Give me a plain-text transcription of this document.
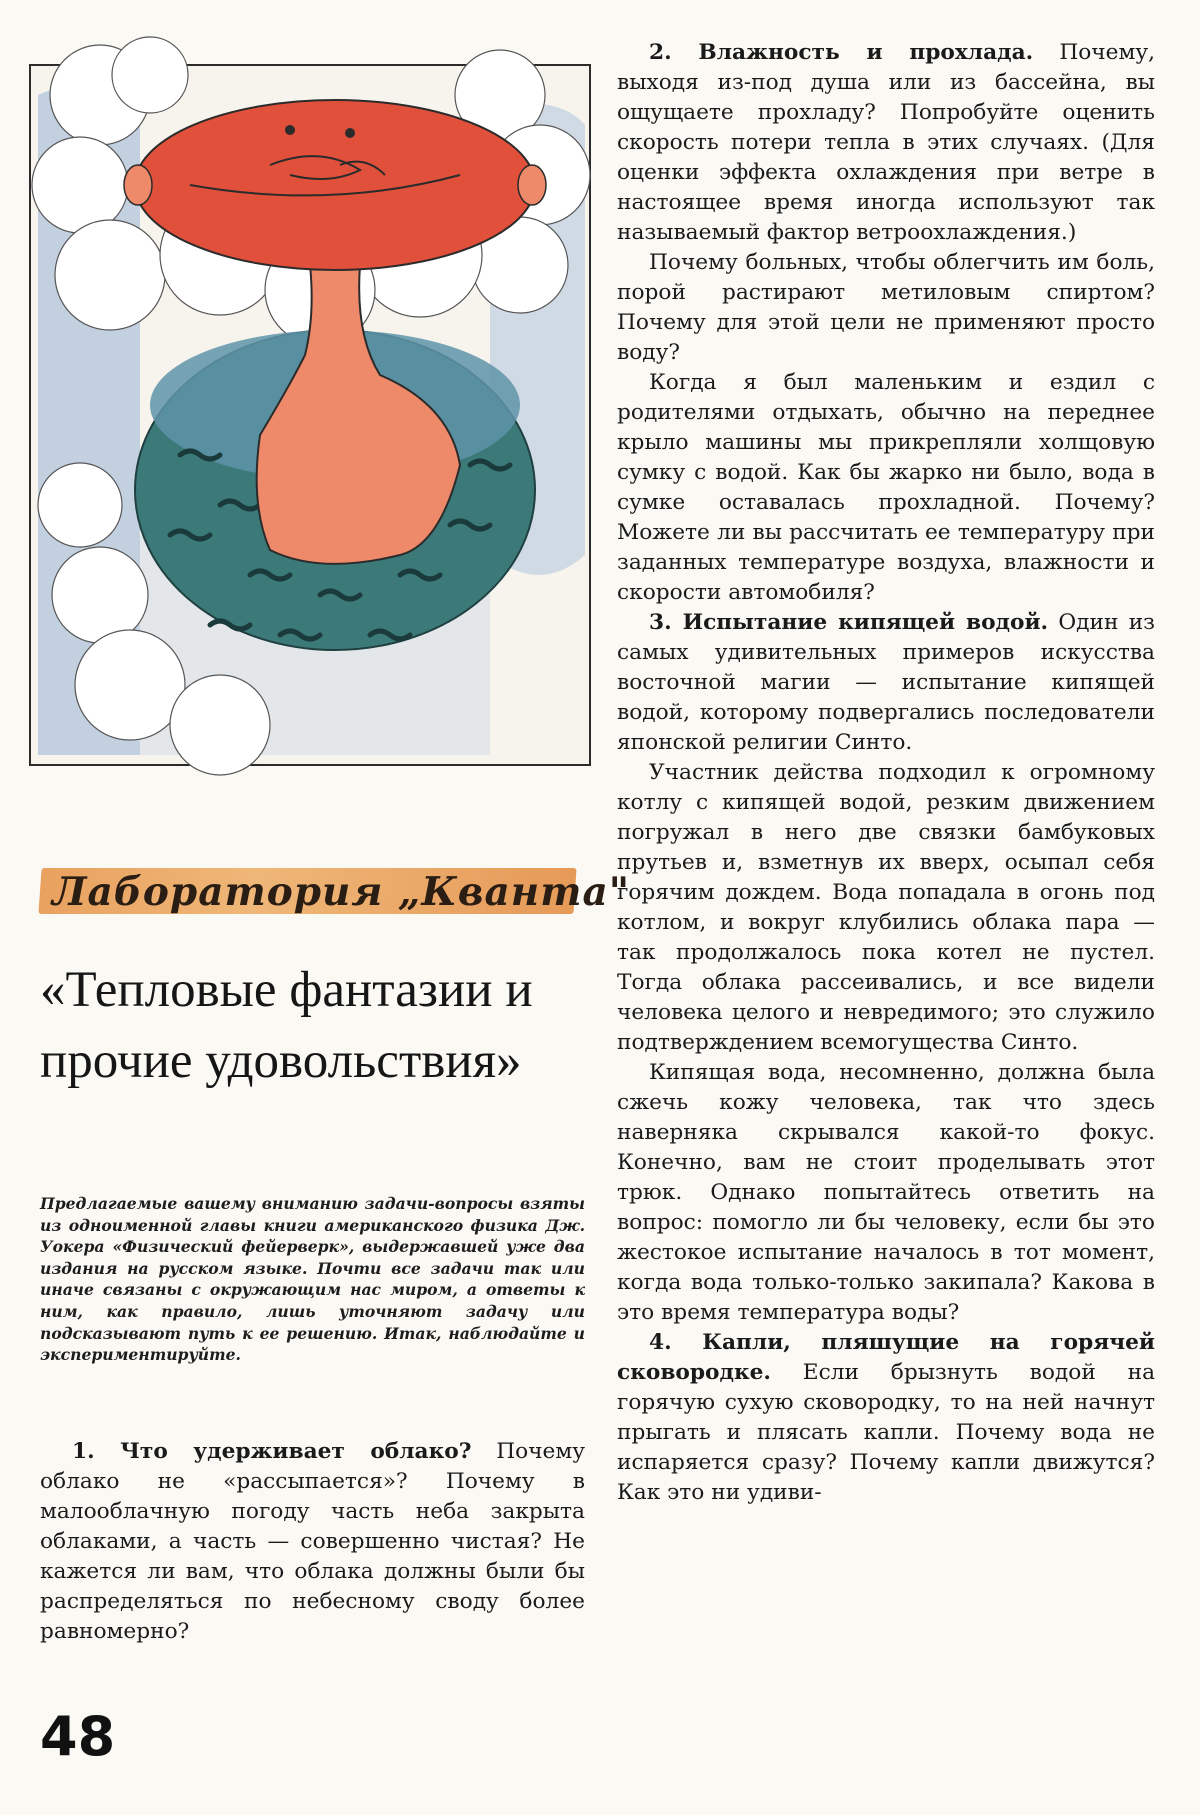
Лаборатория „Кванта"
«Тепловые фантазии и прочие удовольствия»

Предлагаемые вашему вниманию задачи-вопросы взяты из одноименной главы книги американского физика Дж. Уокера «Физический фейерверк», выдержавшей уже два издания на русском языке. Почти все задачи так или иначе связаны с окружающим нас миром, а ответы к ним, как правило, лишь уточняют задачу или подсказывают путь к ее решению. Итак, наблюдайте и экспериментируйте.

1. Что удерживает облако? Почему облако не «рассыпается»? Почему в малооблачную погоду часть неба закрыта облаками, а часть — совершенно чистая? Не кажется ли вам, что облака должны были бы распределяться по небесному своду более равномерно?

2. Влажность и прохлада. Почему, выходя из-под душа или из бассейна, вы ощущаете прохладу? Попробуйте оценить скорость потери тепла в этих случаях. (Для оценки эффекта охлаждения при ветре в настоящее время иногда используют так называемый фактор ветроохлаждения.)

Почему больных, чтобы облегчить им боль, порой растирают метиловым спиртом? Почему для этой цели не применяют просто воду?

Когда я был маленьким и ездил с родителями отдыхать, обычно на переднее крыло машины мы прикрепляли холщовую сумку с водой. Как бы жарко ни было, вода в сумке оставалась прохладной. Почему? Можете ли вы рассчитать ее температуру при заданных температуре воздуха, влажности и скорости автомобиля?

3. Испытание кипящей водой. Один из самых удивительных примеров искусства восточной магии — испытание кипящей водой, которому подвергались последователи японской религии Синто.

Участник действа подходил к огромному котлу с кипящей водой, резким движением погружал в него две связки бамбуковых прутьев и, взметнув их вверх, осыпал себя горячим дождем. Вода попадала в огонь под котлом, и вокруг клубились облака пара — так продолжалось пока котел не пустел. Тогда облака рассеивались, и все видели человека целого и невредимого; это служило подтверждением всемогущества Синто.

Кипящая вода, несомненно, должна была сжечь кожу человека, так что здесь наверняка скрывался какой-то фокус. Конечно, вам не стоит проделывать этот трюк. Однако попытайтесь ответить на вопрос: помогло ли бы человеку, если бы это жестокое испытание началось в тот момент, когда вода только-только закипала? Какова в это время температура воды?

4. Капли, пляшущие на горячей сковородке. Если брызнуть водой на горячую сухую сковородку, то на ней начнут прыгать и плясать капли. Почему вода не испаряется сразу? Почему капли движутся? Как это ни удиви-

48
